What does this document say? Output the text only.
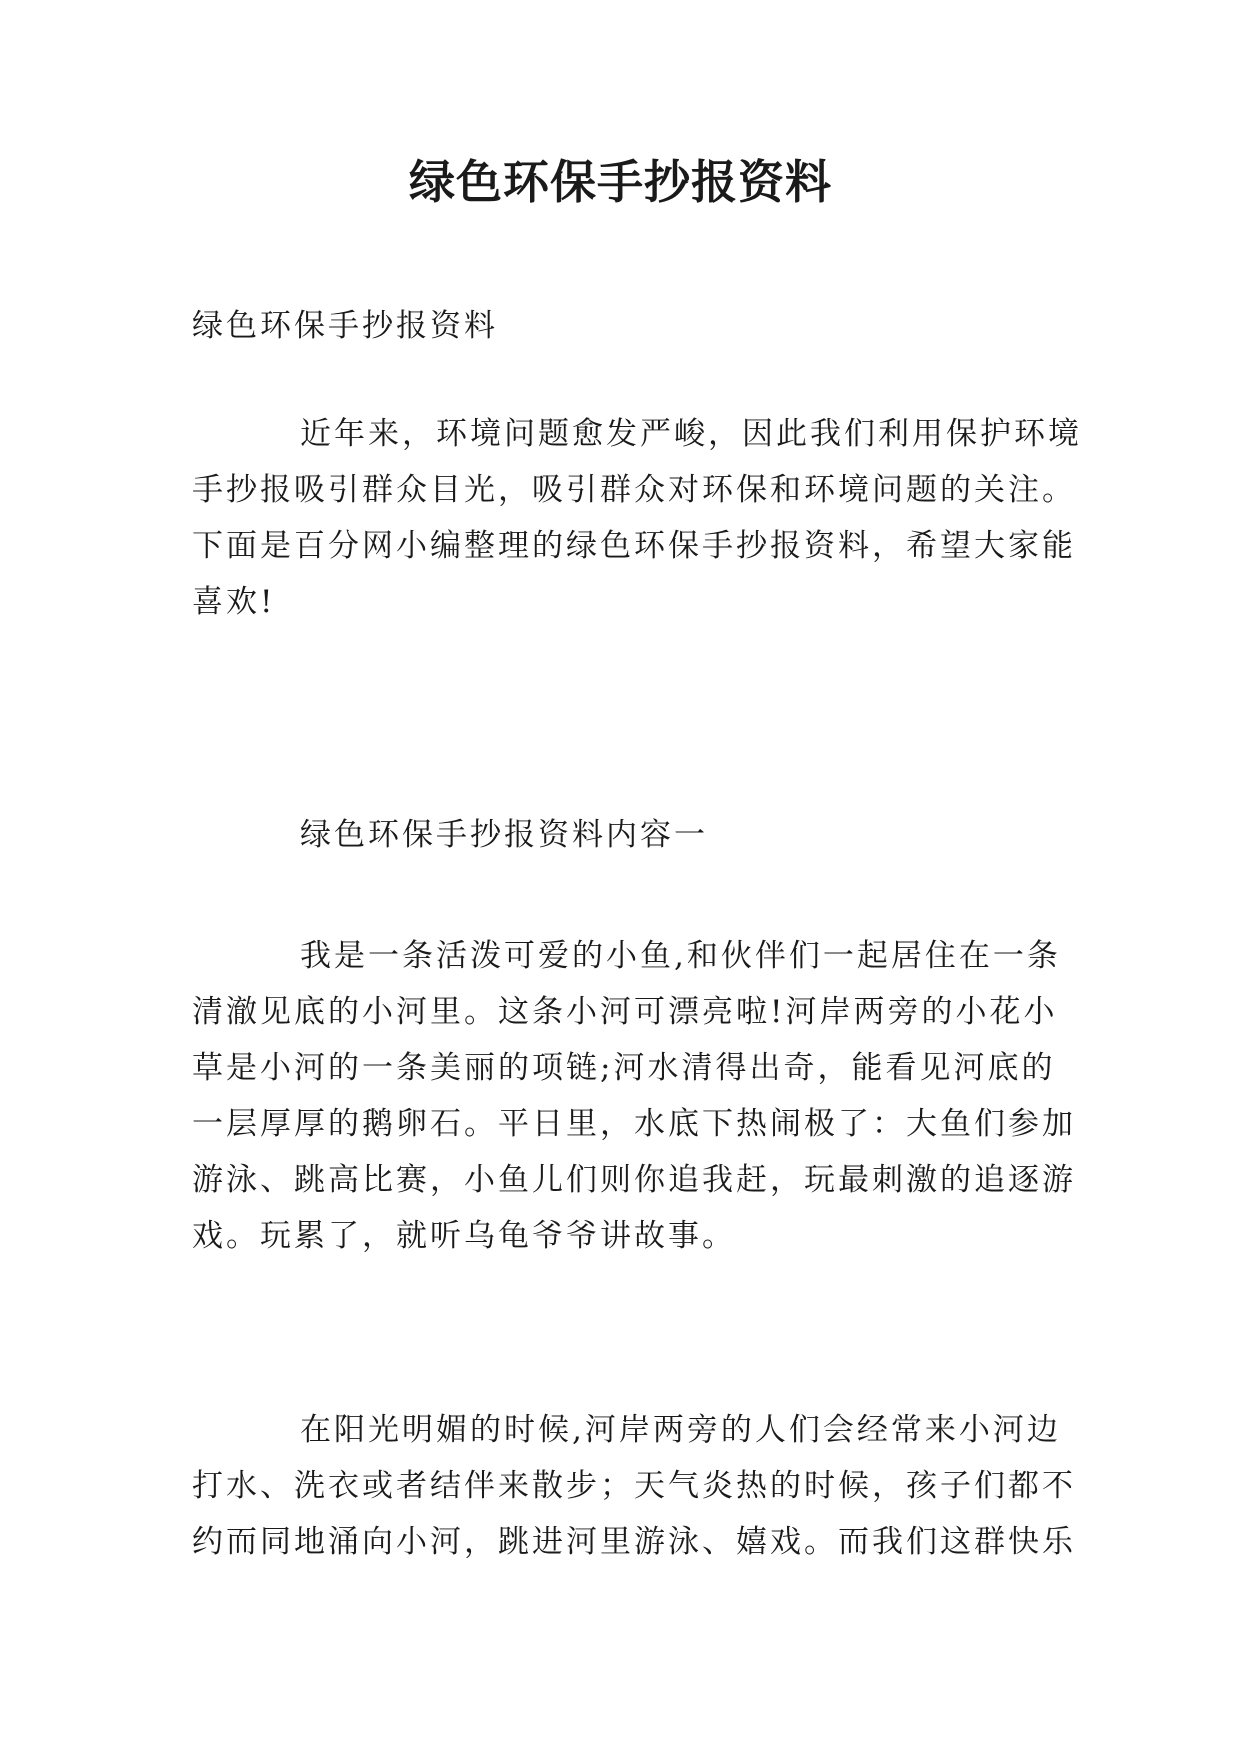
绿色环保手抄报资料

绿色环保手抄报资料

近年来，环境问题愈发严峻，因此我们利用保护环境
手抄报吸引群众目光，吸引群众对环保和环境问题的关注。
下面是百分网小编整理的绿色环保手抄报资料，希望大家能
喜欢!

绿色环保手抄报资料内容一

我是一条活泼可爱的小鱼,和伙伴们一起居住在一条
清澈见底的小河里。这条小河可漂亮啦!河岸两旁的小花小
草是小河的一条美丽的项链;河水清得出奇，能看见河底的
一层厚厚的鹅卵石。平日里，水底下热闹极了：大鱼们参加
游泳、跳高比赛，小鱼儿们则你追我赶，玩最刺激的追逐游
戏。玩累了，就听乌龟爷爷讲故事。

在阳光明媚的时候,河岸两旁的人们会经常来小河边
打水、洗衣或者结伴来散步；天气炎热的时候，孩子们都不
约而同地涌向小河，跳进河里游泳、嬉戏。而我们这群快乐
